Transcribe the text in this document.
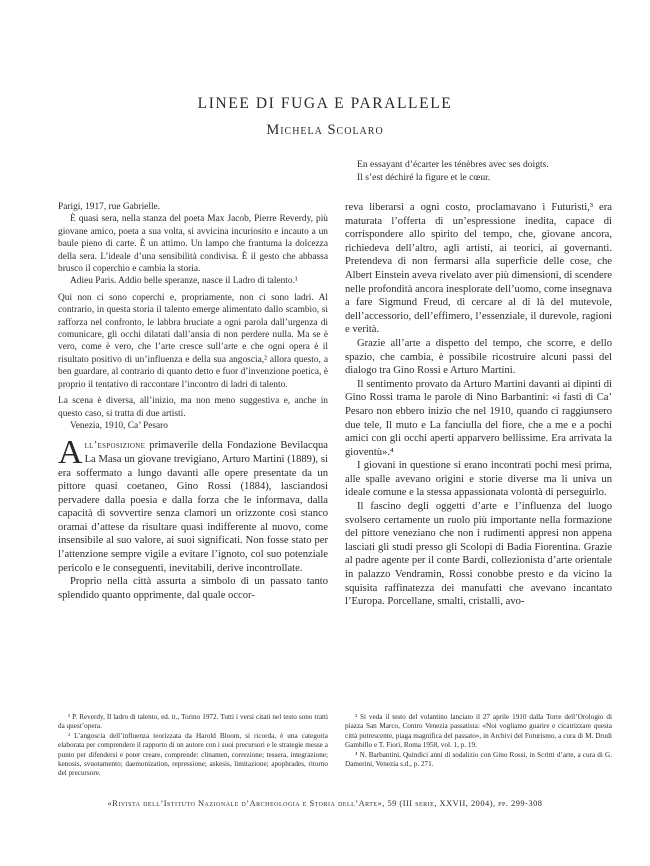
LINEE DI FUGA E PARALLELE
Michela Scolaro
En essayant d’écarter les ténèbres avec ses doigts.
Il s’est déchiré la figure et le cœur.

Parigi, 1917, rue Gabrielle.

È quasi sera, nella stanza del poeta Max Jacob, Pierre Reverdy, più giovane amico, poeta a sua volta, si avvicina incuriosito e incauto a un baule pieno di carte. È un attimo. Un lampo che frantuma la dolcezza della sera. L’ideale d’una sensibilità condivisa. È il gesto che abbassa brusco il coperchio e cambia la storia.

Adieu Paris. Addio belle speranze, nasce il Ladro di talento.¹

Qui non ci sono coperchi e, propriamente, non ci sono ladri. Al contrario, in questa storia il talento emerge alimentato dallo scambio, si rafforza nel confronto, le labbra bruciate a ogni parola dall’urgenza di comunicare, gli occhi dilatati dall’ansia di non perdere nulla. Ma se è vero, come è vero, che l’arte cresce sull’arte e che ogni opera è il risultato positivo di un’influenza e della sua angoscia,² allora questo, a ben guardare, al contrario di quanto detto e fuor d’invenzione poetica, è proprio il tentativo di raccontare l’incontro di ladri di talento.

La scena è diversa, all’inizio, ma non meno suggestiva e, anche in questo caso, si tratta di due artisti.

Venezia, 1910, Ca’ Pesaro

All’esposizione primaverile della Fondazione Bevilacqua La Masa un giovane trevigiano, Arturo Martini (1889), si era soffermato a lungo davanti alle opere presentate da un pittore quasi coetaneo, Gino Rossi (1884), lasciandosi pervadere dalla poesia e dalla forza che le informava, dalla capacità di sovvertire senza clamori un orizzonte così stanco oramai d’attese da risultare quasi indifferente al nuovo, come insensibile al suo valore, ai suoi significati. Non fosse stato per l’attenzione sempre vigile a evitare l’ignoto, col suo potenziale pericolo e le conseguenti, inevitabili, derive incontrollate.

Proprio nella città assurta a simbolo di un passato tanto splendido quanto opprimente, dal quale occor-

reva liberarsi a ogni costo, proclamavano i Futuristi,³ era maturata l’offerta di un’espressione inedita, capace di corrispondere allo spirito del tempo, che, giovane ancora, richiedeva dell’altro, agli artisti, ai teorici, ai governanti. Pretendeva di non fermarsi alla superficie delle cose, che Albert Einstein aveva rivelato aver più dimensioni, di scendere nelle profondità ancora inesplorate dell’uomo, come insegnava a fare Sigmund Freud, di cercare al di là del mutevole, dell’accessorio, dell’effimero, l’essenziale, il durevole, ragioni e verità.

Grazie all’arte a dispetto del tempo, che scorre, e dello spazio, che cambia, è possibile ricostruire alcuni passi del dialogo tra Gino Rossi e Arturo Martini.

Il sentimento provato da Arturo Martini davanti ai dipinti di Gino Rossi trama le parole di Nino Barbantini: «i fasti di Ca’ Pesaro non ebbero inizio che nel 1910, quando ci raggiunsero due tele, Il muto e La fanciulla del fiore, che a me e a pochi amici con gli occhi aperti apparvero bellissime. Era arrivata la gioventù».⁴

I giovani in questione si erano incontrati pochi mesi prima, alle spalle avevano origini e storie diverse ma li univa un ideale comune e la stessa appassionata volontà di perseguirlo.

Il fascino degli oggetti d’arte e l’influenza del luogo svolsero certamente un ruolo più importante nella formazione del pittore veneziano che non i rudimenti appresi non appena lasciati gli studi presso gli Scolopi di Badia Fiorentina. Grazie al padre agente per il conte Bardi, collezionista d’arte orientale in palazzo Vendramin, Rossi conobbe presto e da vicino la squisita raffinatezza dei manufatti che avevano incantato l’Europa. Porcellane, smalti, cristalli, avo-

¹ P. Reverdy, Il ladro di talento, ed. it., Torino 1972. Tutti i versi citati nel testo sono tratti da quest’opera.

² L’angoscia dell’influenza teorizzata da Harold Bloom, si ricorda, è una categoria elaborata per comprendere il rapporto di un autore con i suoi precursori e le strategie messe a punto per difendersi e poter creare, comprende: clinamen, correzione; tessera, integrazione; kenosis, svuotamento; daemonization, repressione; askesis, limitazione; apophrades, ritorno del precursore.

³ Si veda il testo del volantino lanciato il 27 aprile 1910 dalla Torre dell’Orologio di piazza San Marco, Contro Venezia passatista: «Noi vogliamo guarire e cicatrizzare questa città putrescente, piaga magnifica del passato», in Archivi del Futurismo, a cura di M. Drudi Gambillo e T. Fiori, Roma 1958, vol. 1, p. 19.

⁴ N. Barbantini, Quindici anni di sodalizio con Gino Rossi, in Scritti d’arte, a cura di G. Damerini, Venezia s.d., p. 271.

«Rivista dell’Istituto Nazionale d’Archeologia e Storia dell’Arte», 59 (III serie, XXVII, 2004), pp. 299-308
